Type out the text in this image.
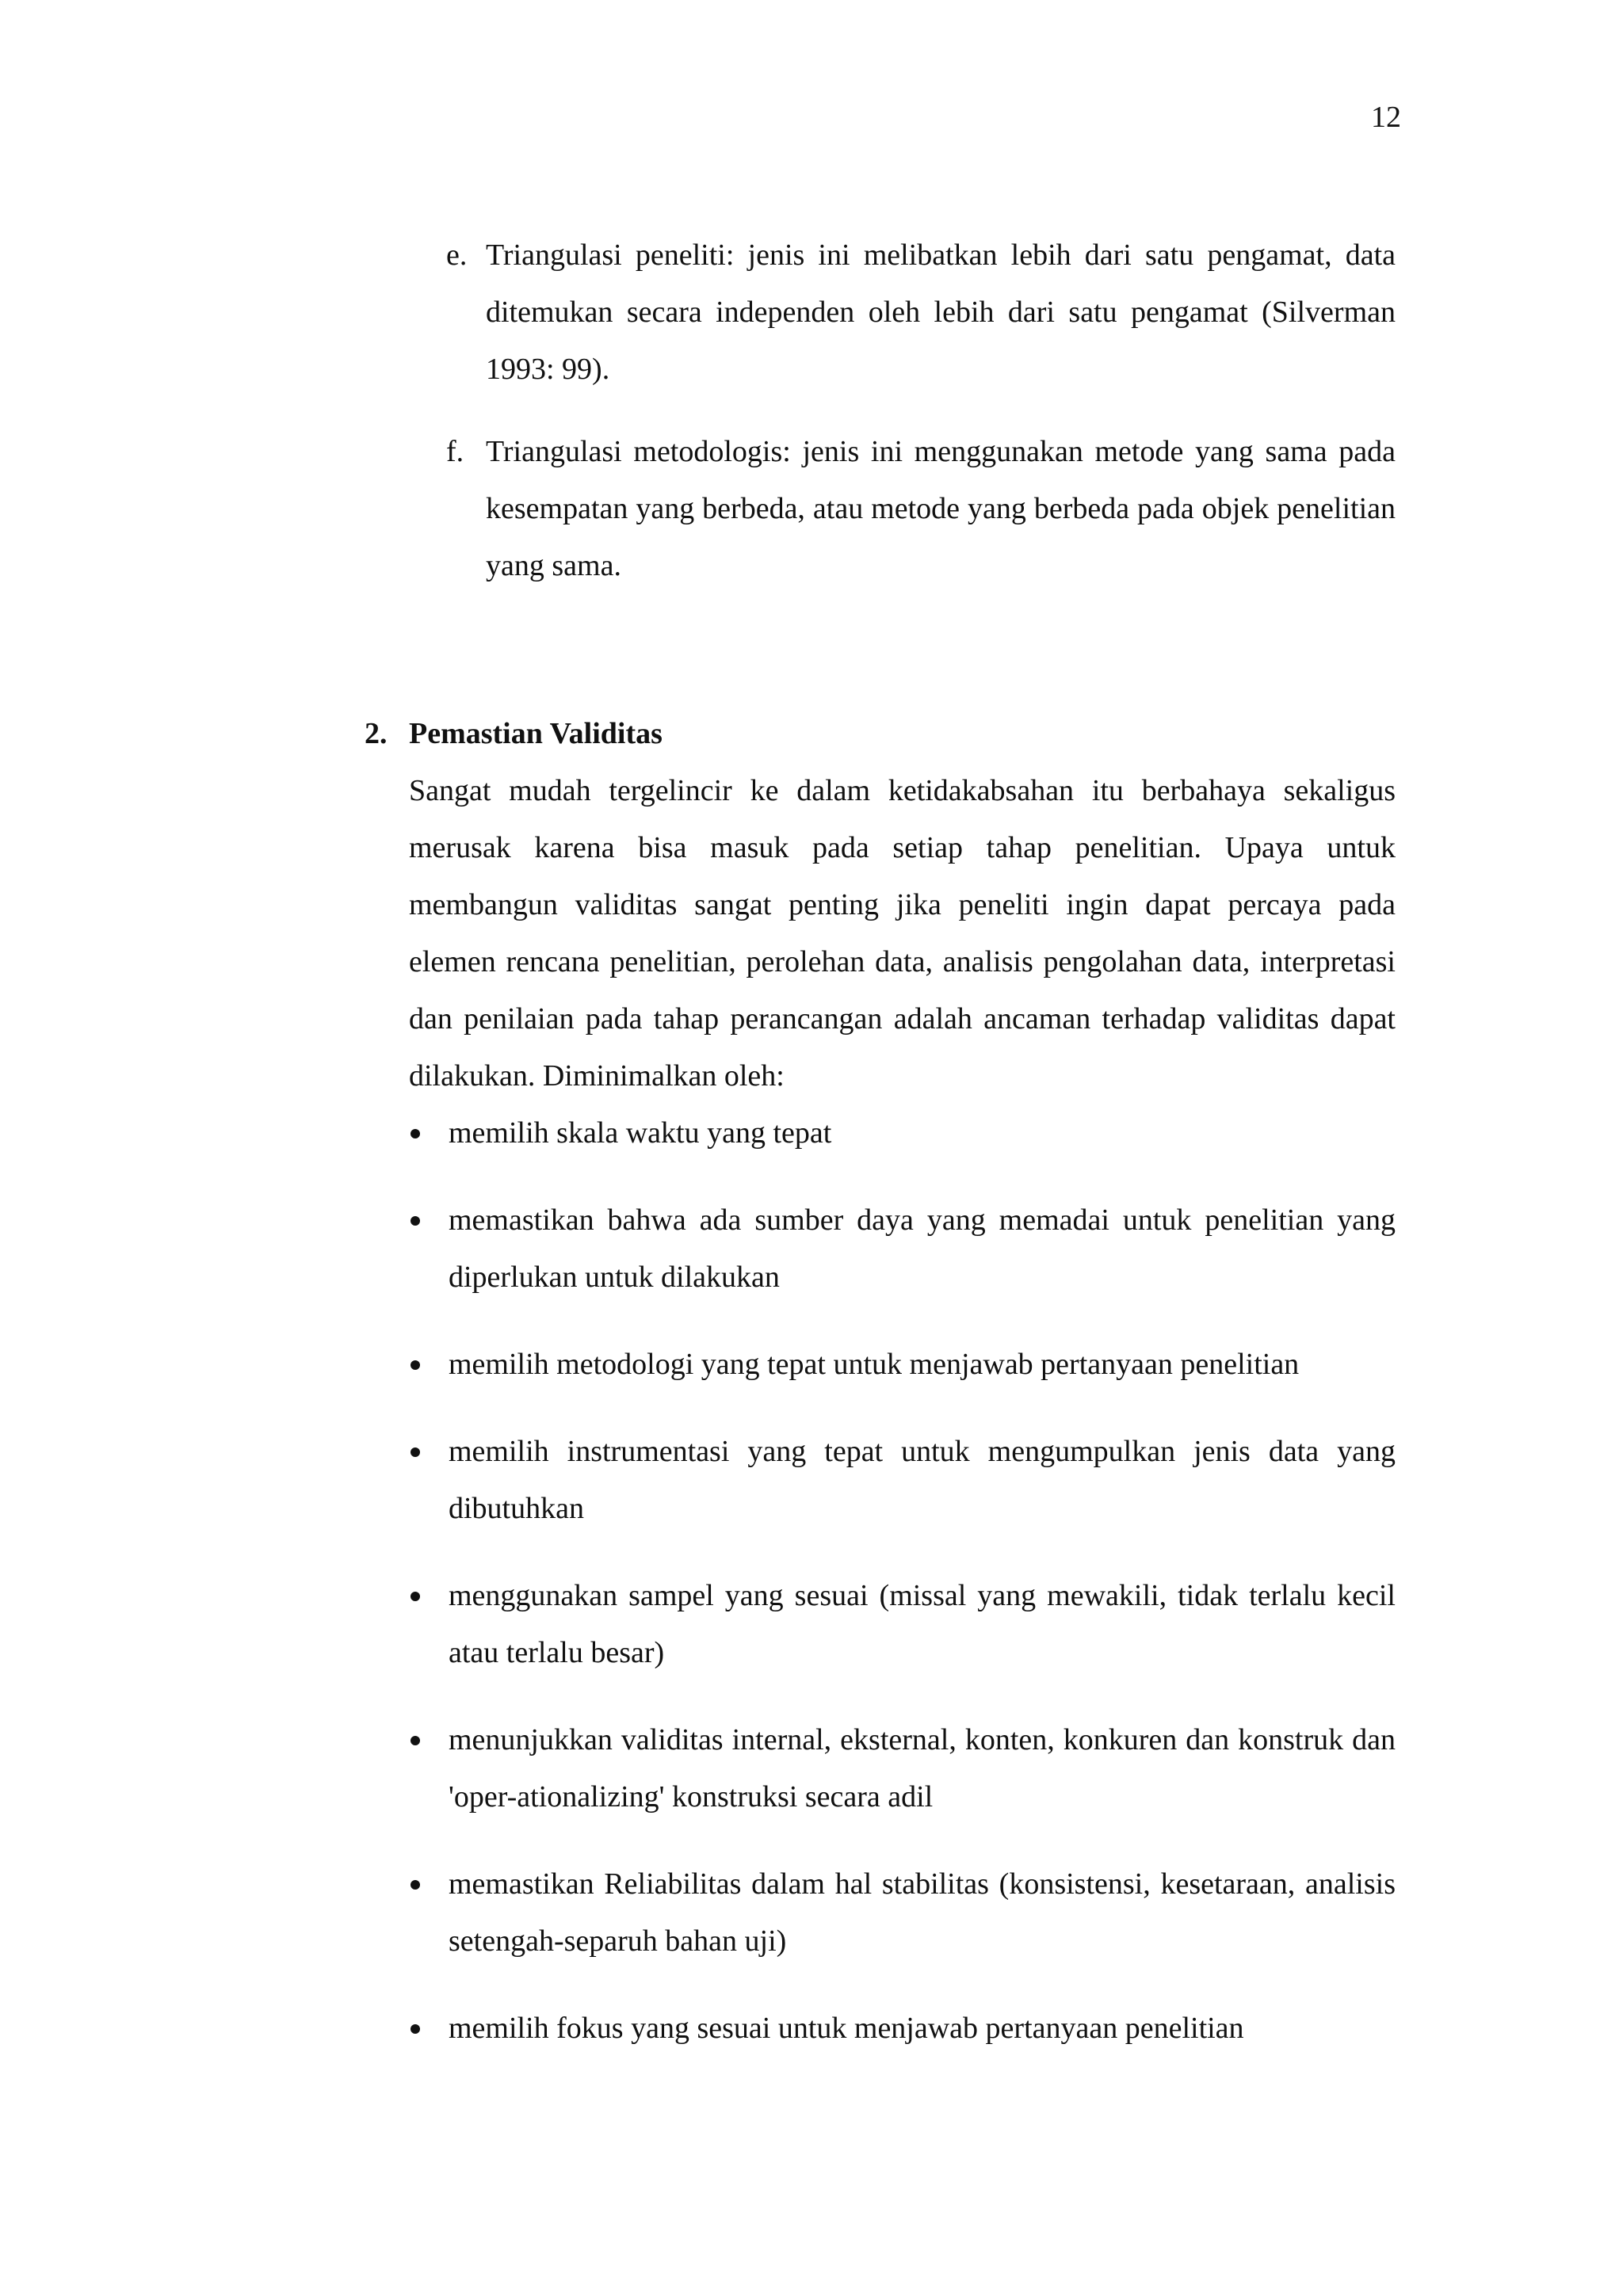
12
e. Triangulasi peneliti: jenis ini melibatkan lebih dari satu pengamat, data ditemukan secara independen oleh lebih dari satu pengamat (Silverman 1993: 99).
f. Triangulasi metodologis: jenis ini menggunakan metode yang sama pada kesempatan yang berbeda, atau metode yang berbeda pada objek penelitian yang sama.
2. Pemastian Validitas
Sangat mudah tergelincir ke dalam ketidakabsahan itu berbahaya sekaligus merusak karena bisa masuk pada setiap tahap penelitian. Upaya untuk membangun validitas sangat penting jika peneliti ingin dapat percaya pada elemen rencana penelitian, perolehan data, analisis pengolahan data, interpretasi dan penilaian pada tahap perancangan adalah ancaman terhadap validitas dapat dilakukan. Diminimalkan oleh:
memilih skala waktu yang tepat
memastikan bahwa ada sumber daya yang memadai untuk penelitian yang diperlukan untuk dilakukan
memilih metodologi yang tepat untuk menjawab pertanyaan penelitian
memilih instrumentasi yang tepat untuk mengumpulkan jenis data yang dibutuhkan
menggunakan sampel yang sesuai (missal yang mewakili, tidak terlalu kecil atau terlalu besar)
menunjukkan validitas internal, eksternal, konten, konkuren dan konstruk dan 'oper-ationalizing' konstruksi secara adil
memastikan Reliabilitas dalam hal stabilitas (konsistensi, kesetaraan, analisis setengah-separuh bahan uji)
memilih fokus yang sesuai untuk menjawab pertanyaan penelitian
